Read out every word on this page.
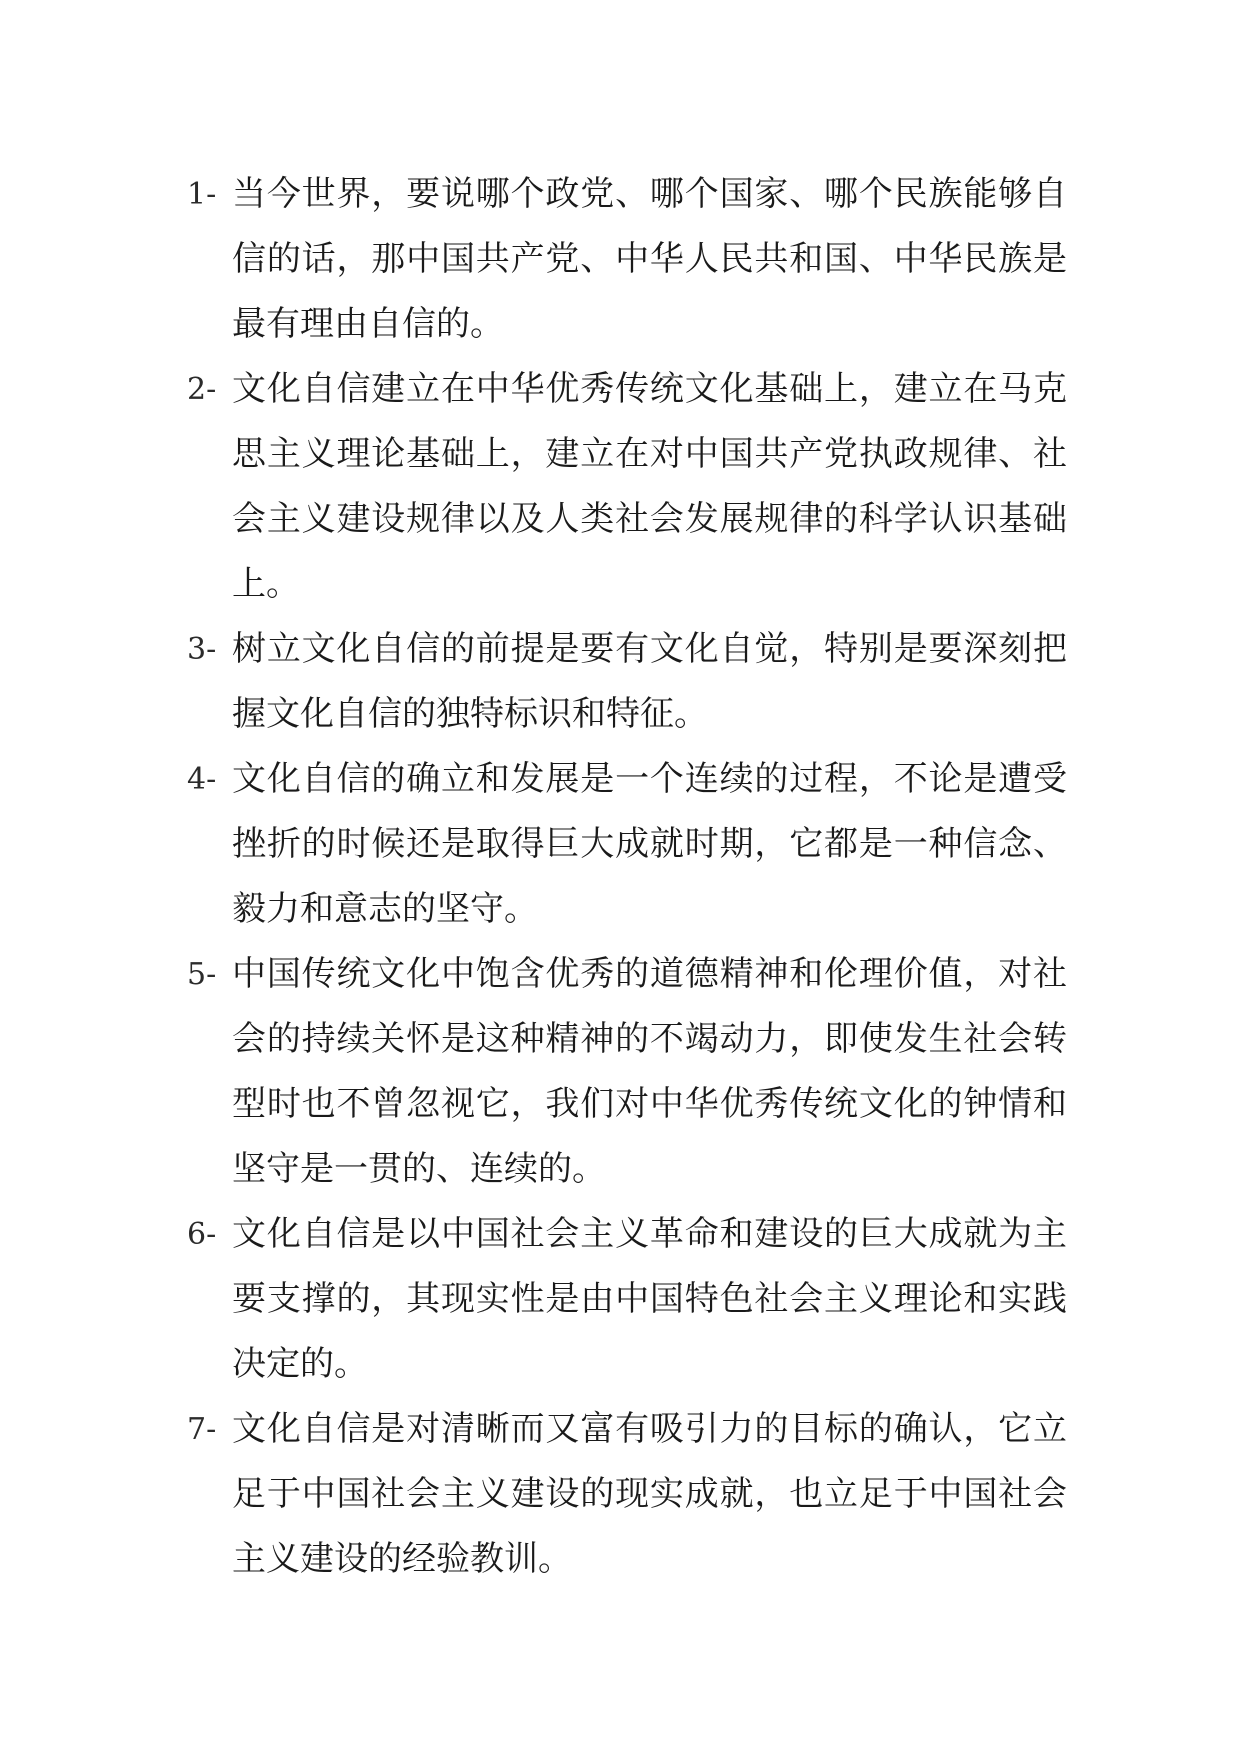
1- 当今世界，要说哪个政党、哪个国家、哪个民族能够自信的话，那中国共产党、中华人民共和国、中华民族是最有理由自信的。

2- 文化自信建立在中华优秀传统文化基础上，建立在马克思主义理论基础上，建立在对中国共产党执政规律、社会主义建设规律以及人类社会发展规律的科学认识基础上。

3- 树立文化自信的前提是要有文化自觉，特别是要深刻把握文化自信的独特标识和特征。

4- 文化自信的确立和发展是一个连续的过程，不论是遭受挫折的时候还是取得巨大成就时期，它都是一种信念、毅力和意志的坚守。

5- 中国传统文化中饱含优秀的道德精神和伦理价值，对社会的持续关怀是这种精神的不竭动力，即使发生社会转型时也不曾忽视它，我们对中华优秀传统文化的钟情和坚守是一贯的、连续的。

6- 文化自信是以中国社会主义革命和建设的巨大成就为主要支撑的，其现实性是由中国特色社会主义理论和实践决定的。

7- 文化自信是对清晰而又富有吸引力的目标的确认，它立足于中国社会主义建设的现实成就，也立足于中国社会主义建设的经验教训。
